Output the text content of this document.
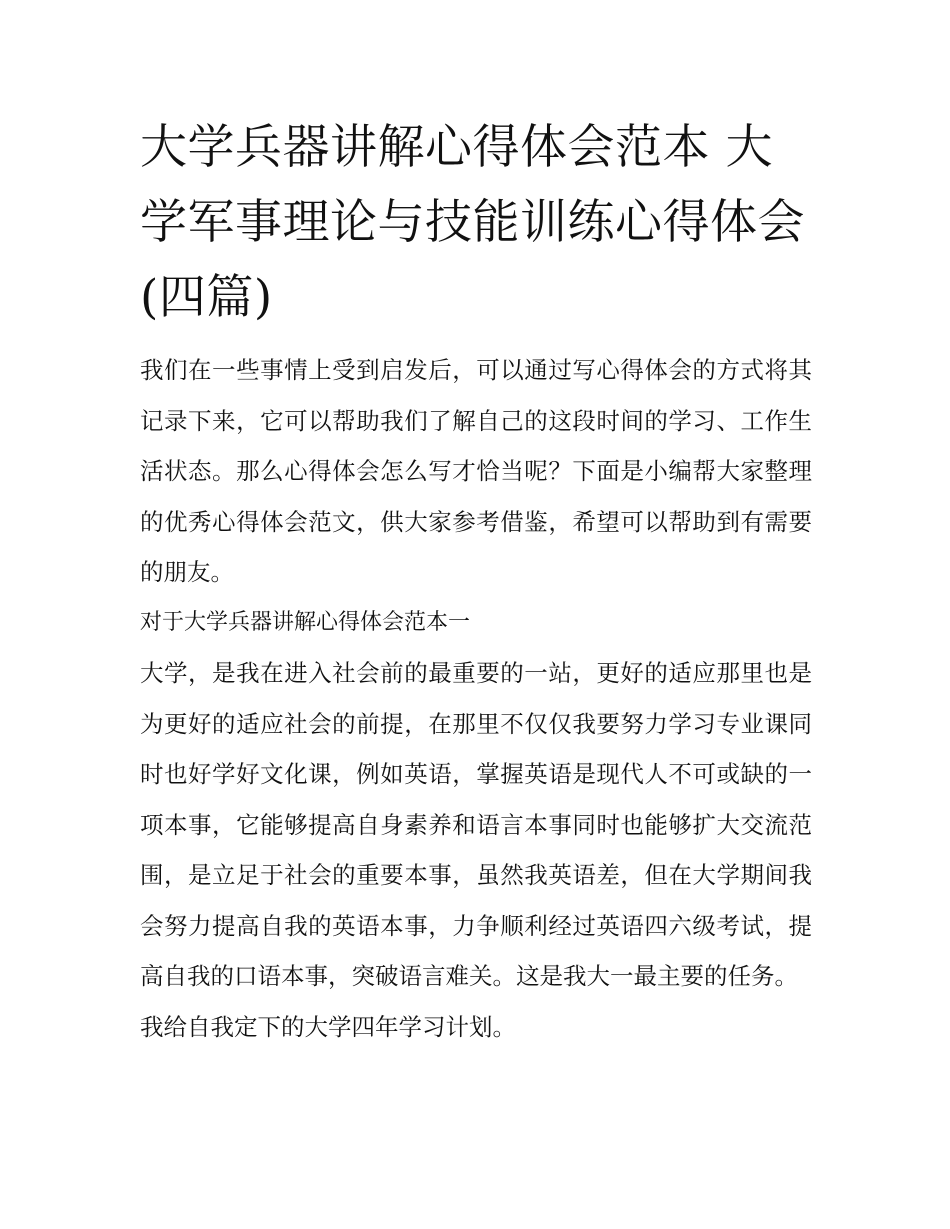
大学兵器讲解心得体会范本 大学军事理论与技能训练心得体会(四篇)

我们在一些事情上受到启发后，可以通过写心得体会的方式将其记录下来，它可以帮助我们了解自己的这段时间的学习、工作生活状态。那么心得体会怎么写才恰当呢？下面是小编帮大家整理的优秀心得体会范文，供大家参考借鉴，希望可以帮助到有需要的朋友。

对于大学兵器讲解心得体会范本一

大学，是我在进入社会前的最重要的一站，更好的适应那里也是为更好的适应社会的前提，在那里不仅仅我要努力学习专业课同时也好学好文化课，例如英语，掌握英语是现代人不可或缺的一项本事，它能够提高自身素养和语言本事同时也能够扩大交流范围，是立足于社会的重要本事，虽然我英语差，但在大学期间我会努力提高自我的英语本事，力争顺利经过英语四六级考试，提高自我的口语本事，突破语言难关。这是我大一最主要的任务。

我给自我定下的大学四年学习计划。
